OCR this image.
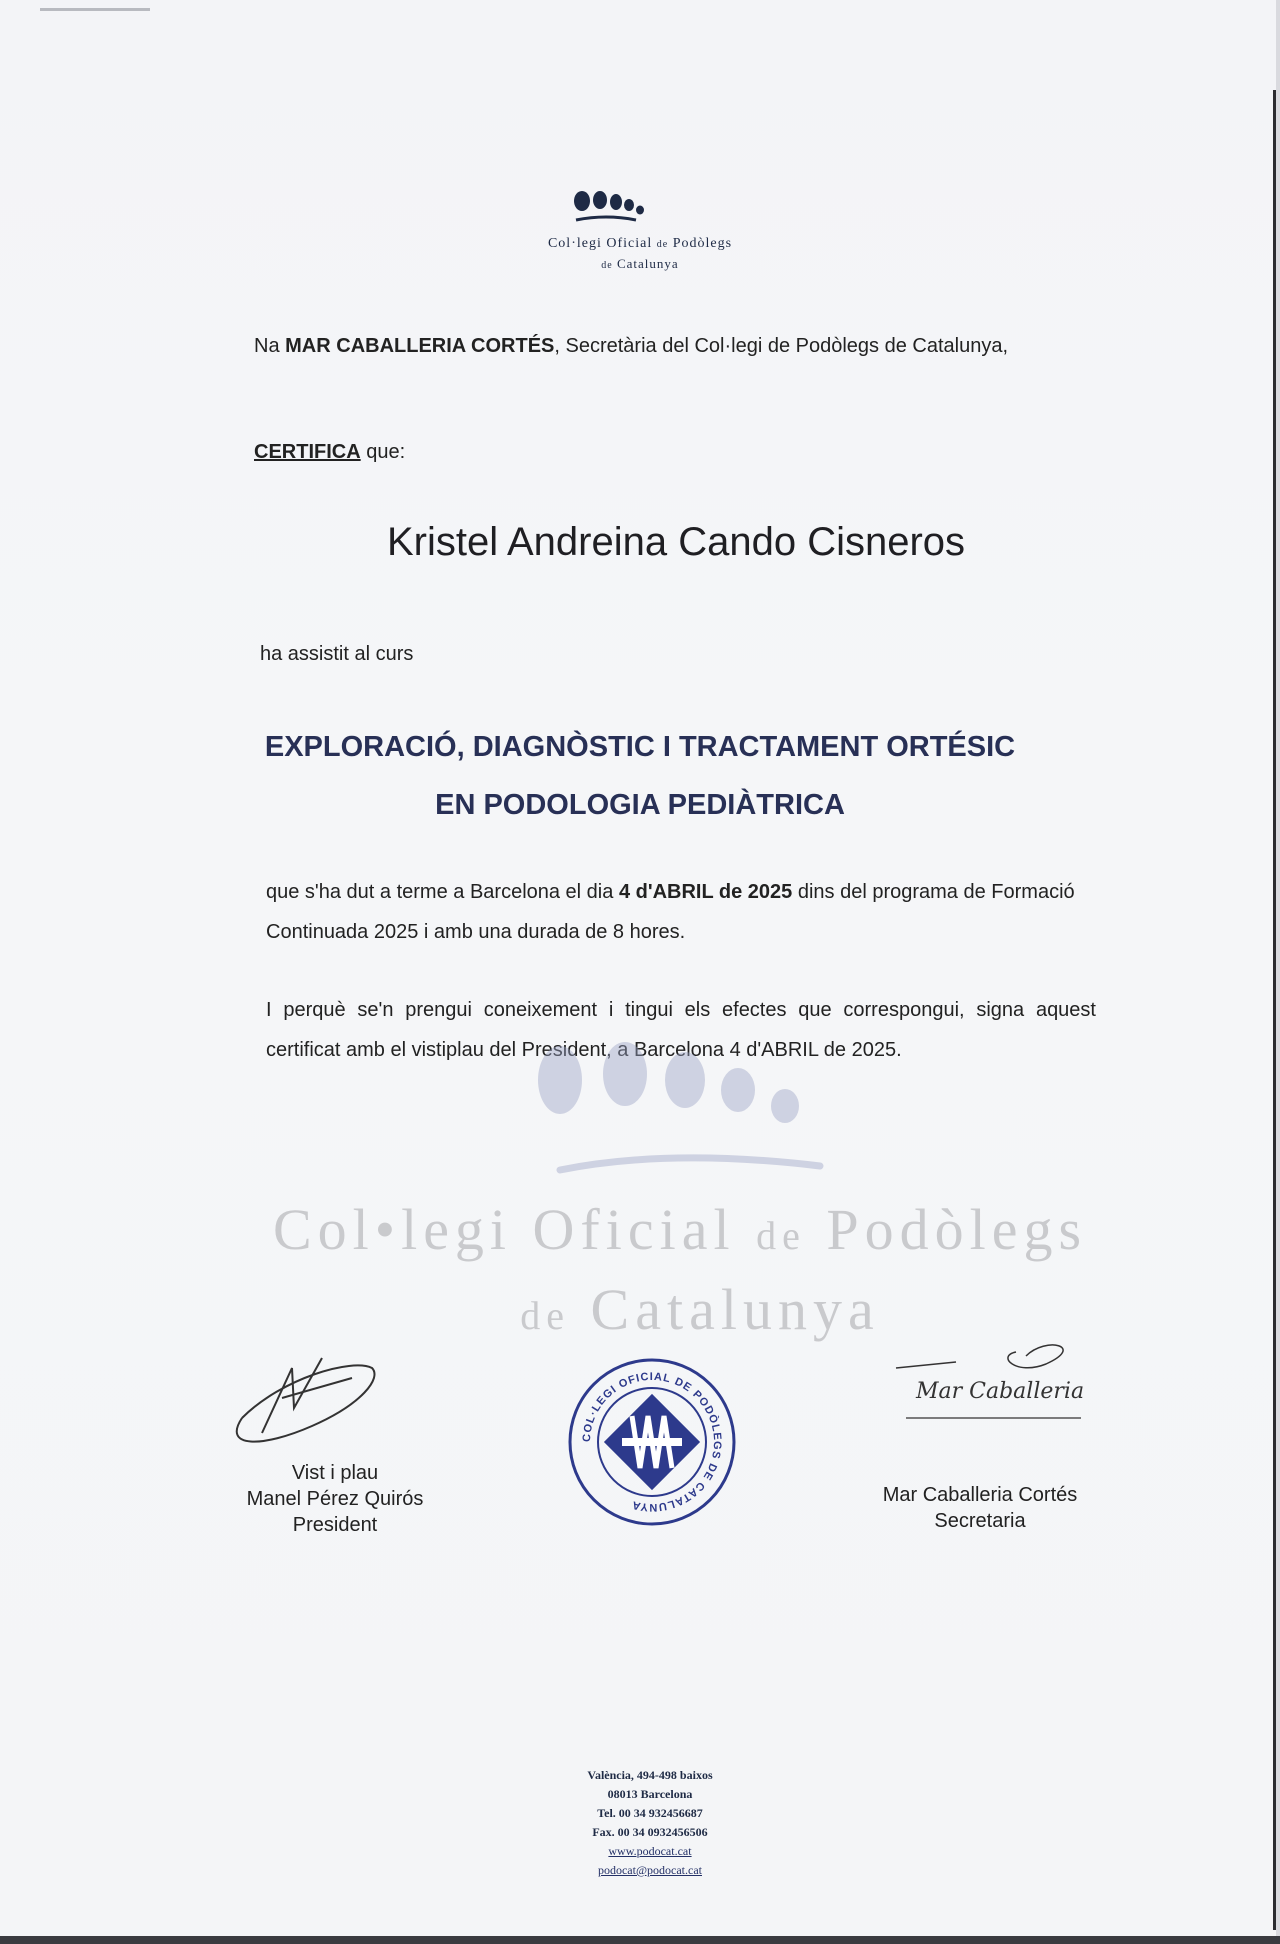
Col·legi Oficial de Podòlegs
de Catalunya
Na MAR CABALLERIA CORTÉS, Secretària del Col·legi de Podòlegs de Catalunya,
CERTIFICA que:
Kristel Andreina Cando Cisneros
ha assistit al curs
EXPLORACIÓ, DIAGNÒSTIC I TRACTAMENT ORTÉSIC
EN PODOLOGIA PEDIÀTRICA
que s'ha dut a terme a Barcelona el dia 4 d'ABRIL de 2025 dins del programa de Formació Continuada 2025 i amb una durada de 8 hores.
I perquè se'n prengui coneixement i tingui els efectes que correspongui, signa aquest certificat amb el vistiplau del President, a Barcelona 4 d'ABRIL de 2025.
Col•legi Oficial de Podòlegs
de Catalunya
Vist i plau
Manel Pérez Quirós
President
COL·LEGI OFICIAL DE PODÒLEGS DE CATALUNYA
Mar Caballeria
Mar Caballeria Cortés
Secretaria
València, 494-498 baixos
08013 Barcelona
Tel. 00 34 932456687
Fax. 00 34 0932456506
www.podocat.cat
podocat@podocat.cat
